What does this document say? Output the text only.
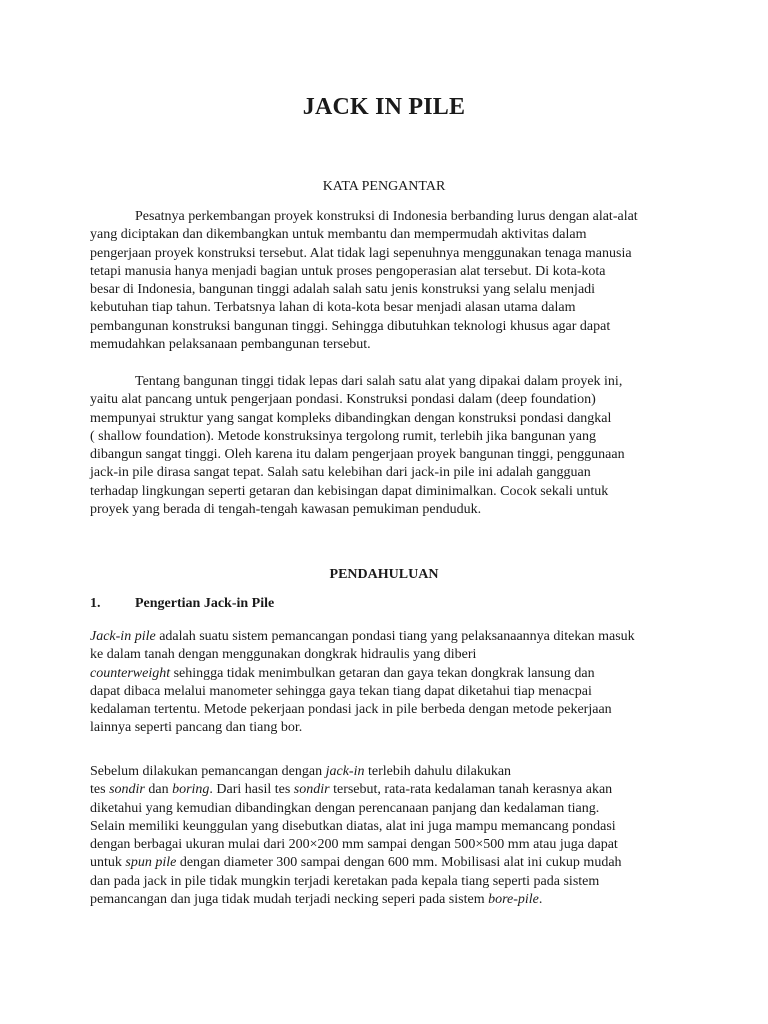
JACK IN PILE
KATA PENGANTAR
Pesatnya perkembangan proyek konstruksi di Indonesia berbanding lurus dengan alat-alat
yang diciptakan dan dikembangkan untuk membantu dan mempermudah aktivitas dalam
pengerjaan proyek konstruksi tersebut. Alat tidak lagi sepenuhnya menggunakan tenaga manusia
tetapi manusia hanya menjadi bagian untuk proses pengoperasian alat tersebut. Di kota-kota
besar di Indonesia, bangunan tinggi adalah salah satu jenis konstruksi yang selalu menjadi
kebutuhan tiap tahun. Terbatsnya lahan di kota-kota besar menjadi alasan utama dalam
pembangunan konstruksi bangunan tinggi. Sehingga dibutuhkan teknologi khusus agar dapat
memudahkan pelaksanaan pembangunan tersebut.
Tentang bangunan tinggi tidak lepas dari salah satu alat yang dipakai dalam proyek ini,
yaitu alat pancang untuk pengerjaan pondasi. Konstruksi pondasi dalam (deep foundation)
mempunyai struktur yang sangat kompleks dibandingkan dengan konstruksi pondasi dangkal
( shallow foundation). Metode konstruksinya tergolong rumit, terlebih jika bangunan yang
dibangun sangat tinggi. Oleh karena itu dalam pengerjaan proyek bangunan tinggi, penggunaan
jack-in pile dirasa sangat tepat. Salah satu kelebihan dari jack-in pile ini adalah gangguan
terhadap lingkungan seperti getaran dan kebisingan dapat diminimalkan. Cocok sekali untuk
proyek yang berada di tengah-tengah kawasan pemukiman penduduk.
PENDAHULUAN
1. Pengertian Jack-in Pile
Jack-in pile adalah suatu sistem pemancangan pondasi tiang yang pelaksanaannya ditekan masuk
ke dalam tanah dengan menggunakan dongkrak hidraulis yang diberi
counterweight sehingga tidak menimbulkan getaran dan gaya tekan dongkrak lansung dan
dapat dibaca melalui manometer sehingga gaya tekan tiang dapat diketahui tiap menacpai
kedalaman tertentu. Metode pekerjaan pondasi jack in pile berbeda dengan metode pekerjaan
lainnya seperti pancang dan tiang bor.
Sebelum dilakukan pemancangan dengan jack-in terlebih dahulu dilakukan
tes sondir dan boring. Dari hasil tes sondir tersebut, rata-rata kedalaman tanah kerasnya akan
diketahui yang kemudian dibandingkan dengan perencanaan panjang dan kedalaman tiang.
Selain memiliki keunggulan yang disebutkan diatas, alat ini juga mampu memancang pondasi
dengan berbagai ukuran mulai dari 200×200 mm sampai dengan 500×500 mm atau juga dapat
untuk spun pile dengan diameter 300 sampai dengan 600 mm. Mobilisasi alat ini cukup mudah
dan pada jack in pile tidak mungkin terjadi keretakan pada kepala tiang seperti pada sistem
pemancangan dan juga tidak mudah terjadi necking seperi pada sistem bore-pile.
